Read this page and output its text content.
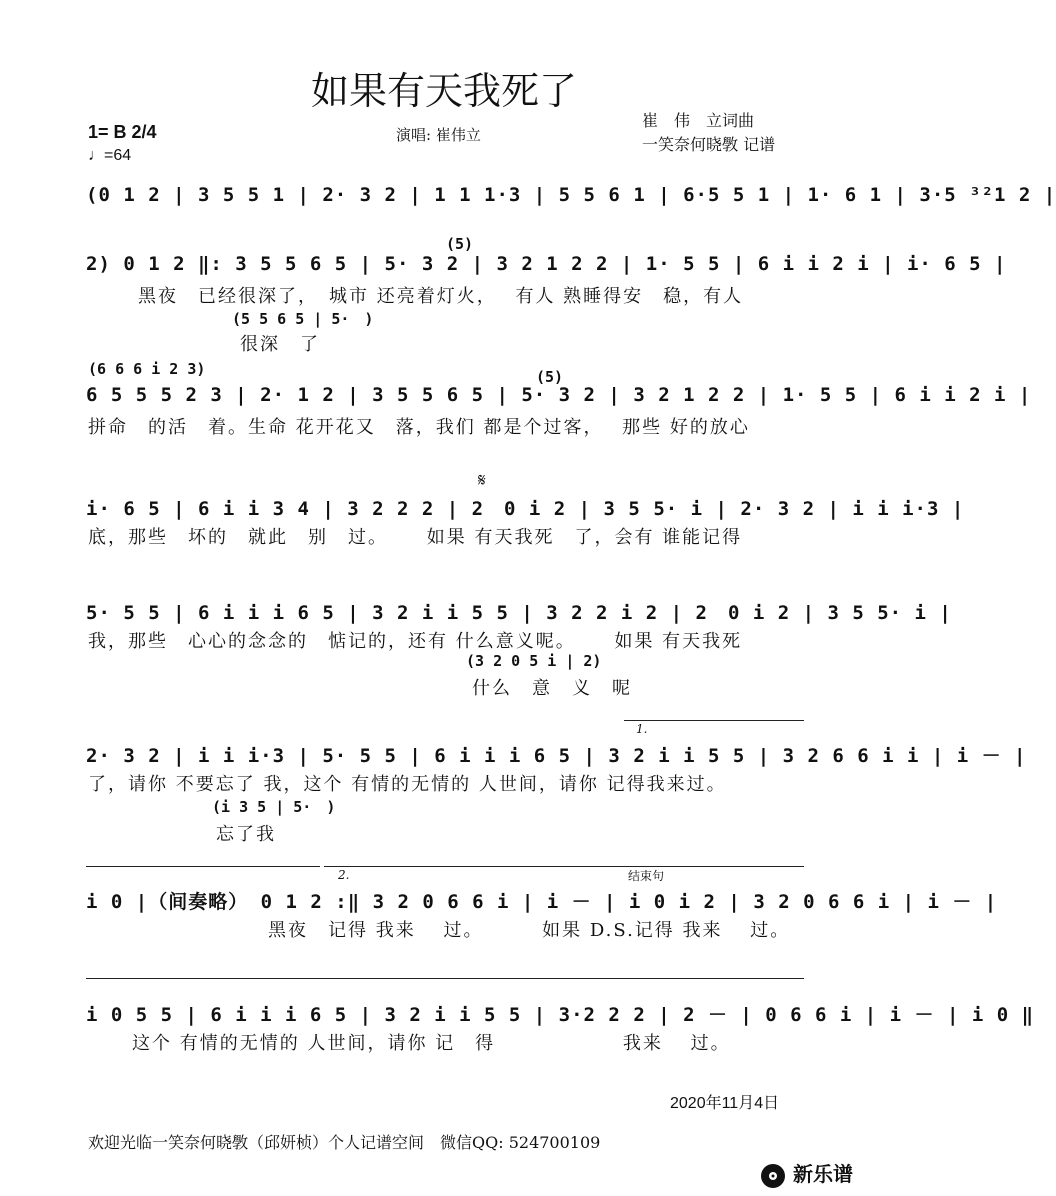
如果有天我死了
1= B 2/4
♩=64
演唱: 崔伟立
崔　伟　立词曲
一笑奈何晓斆 记谱
(0 1 2 | 3 5 5 1 | 2· 3 2 | 1 1 1·3 | 5 5 6 1 | 6·5 5 1 | 1· 6 1 | 3·5 ³²1 2 |
(5)
2) 0 1 2 ‖: 3 5 5 6 5 | 5· 3 2 | 3 2 1 2 2 | 1· 5 5 | 6 i i 2 i | i· 6 5 |
黑夜　已经很深了，　城市 还亮着灯火，　 有人 熟睡得安　稳，有人
(5 5 6 5 | 5·　)
很深　了
(6 6 6 i 2 3)	(5)
6 5 5 5 2 3 | 2· 1 2 | 3 5 5 6 5 | 5· 3 2 | 3 2 1 2 2 | 1· 5 5 | 6 i i 2 i |
拼命　的活　着。生命 花开花又　落，我们 都是个过客，　 那些 好的放心
𝄋
i· 6 5 | 6 i i 3 4 | 3 2 2 2 | 2　0 i 2 | 3 5 5· i | 2· 3 2 | i i i·3 |
底，那些　坏的　就此　别　过。　　 如果 有天我死　了，会有 谁能记得
5· 5 5 | 6 i i i 6 5 | 3 2 i i 5 5 | 3 2 2 i 2 | 2　0 i 2 | 3 5 5· i |
我，那些　心心的念念的　惦记的，还有 什么意义呢。　　 如果 有天我死
(3 2 0 5 i | 2)
什么　意　义　呢
1.
2· 3 2 | i i i·3 | 5· 5 5 | 6 i i i 6 5 | 3 2 i i 5 5 | 3 2 6 6 i i | i － |
了，请你 不要忘了 我，这个 有情的无情的 人世间，请你 记得我来过。
(i 3 5 | 5·　)
忘了我
2.	结束句
i 0 |（间奏略） 0 1 2 :‖ 3 2 0 6 6 i | i － | i 0 i 2 | 3 2 0 6 6 i | i － |
黑夜　记得 我来　 过。　　　 如果 D.S.记得 我来　 过。
i 0 5 5 | 6 i i i 6 5 | 3 2 i i 5 5 | 3·2 2 2 | 2 － | 0 6 6 i | i － | i 0 ‖
这个 有情的无情的 人世间，请你 记　得　　　　　　 我来　 过。
2020年11月4日
欢迎光临一笑奈何晓斆（邱妍桢）个人记谱空间　微信QQ: 524700109
新乐谱
